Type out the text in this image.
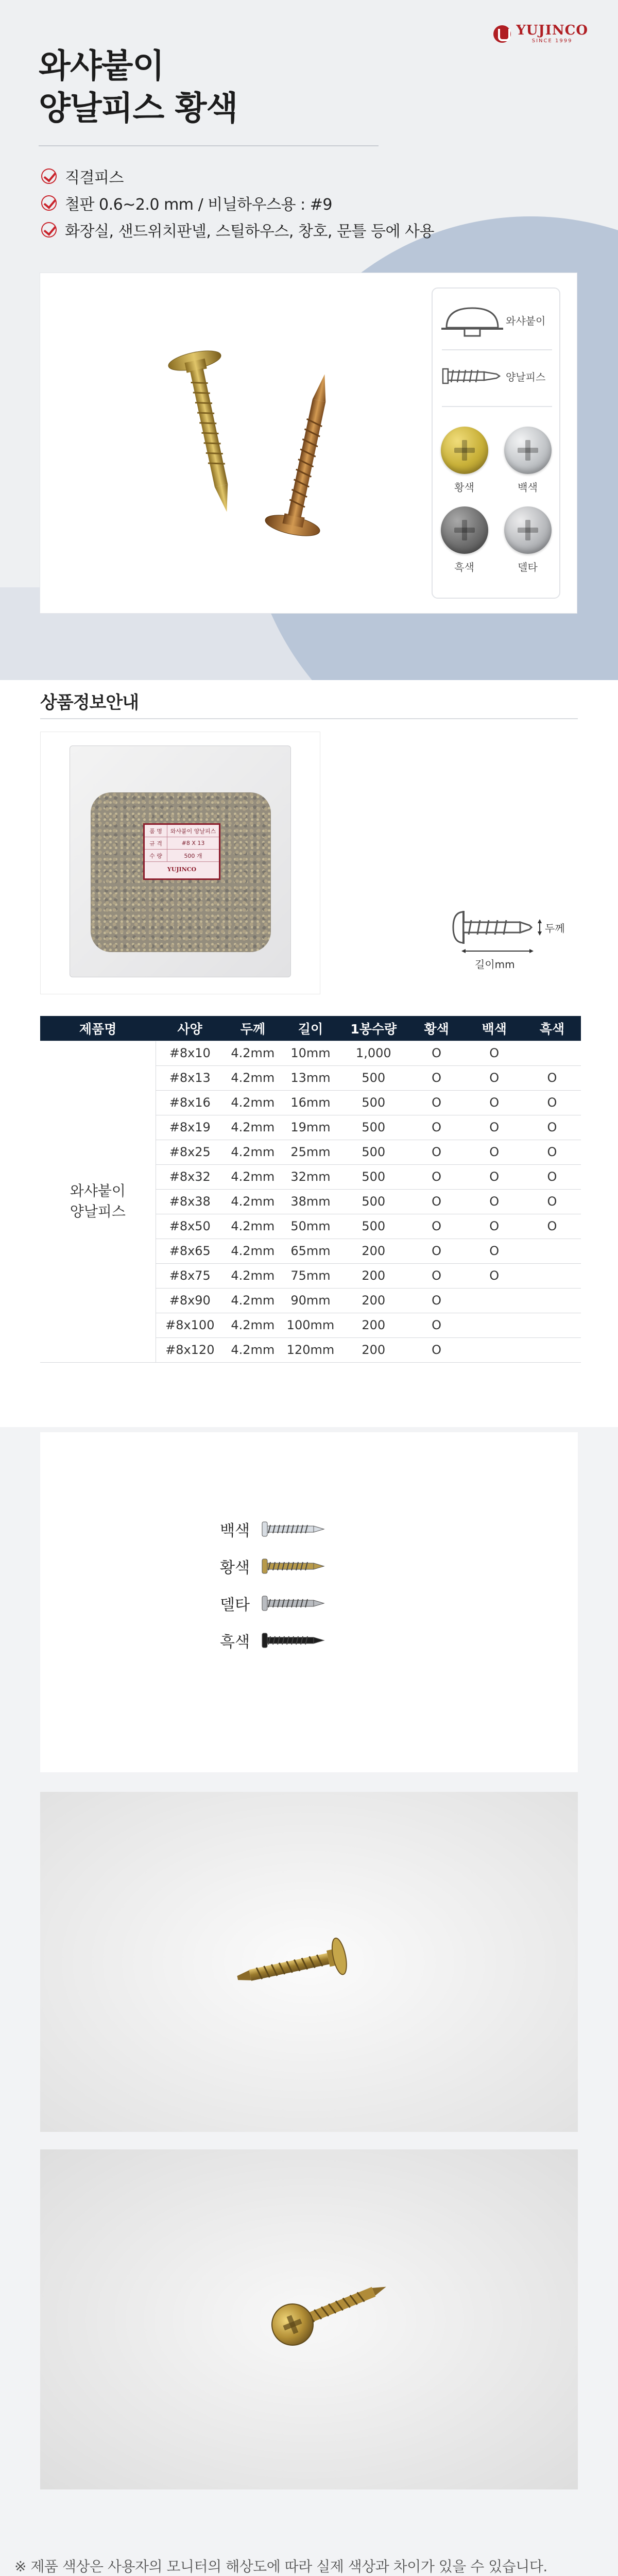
YUJINCO
SINCE 1999
와샤붙이
양날피스 황색
직결피스
철판 0.6~2.0 mm / 비닐하우스용 : #9
화장실, 샌드위치판넬, 스틸하우스, 창호, 문틀 등에 사용
와샤붙이
양날피스
황색	백색
흑색	델타
상품정보안내
품 명	와샤붙이 양날피스
규 격	#8 X 13
수 량	500 개
YUJINCO
두께
길이mm
제품명	사양	두께	길이	1봉수량	황색	백색	흑색
와샤붙이
양날피스	#8x10	4.2mm	10mm	1,000	O	O	
	#8x13	4.2mm	13mm	500	O	O	O
	#8x16	4.2mm	16mm	500	O	O	O
	#8x19	4.2mm	19mm	500	O	O	O
	#8x25	4.2mm	25mm	500	O	O	O
	#8x32	4.2mm	32mm	500	O	O	O
	#8x38	4.2mm	38mm	500	O	O	O
	#8x50	4.2mm	50mm	500	O	O	O
	#8x65	4.2mm	65mm	200	O	O	
	#8x75	4.2mm	75mm	200	O	O	
	#8x90	4.2mm	90mm	200	O		
	#8x100	4.2mm	100mm	200	O		
	#8x120	4.2mm	120mm	200	O		
백색
황색
델타
흑색

※ 제품 색상은 사용자의 모니터의 해상도에 따라 실제 색상과 차이가 있을 수 있습니다.
